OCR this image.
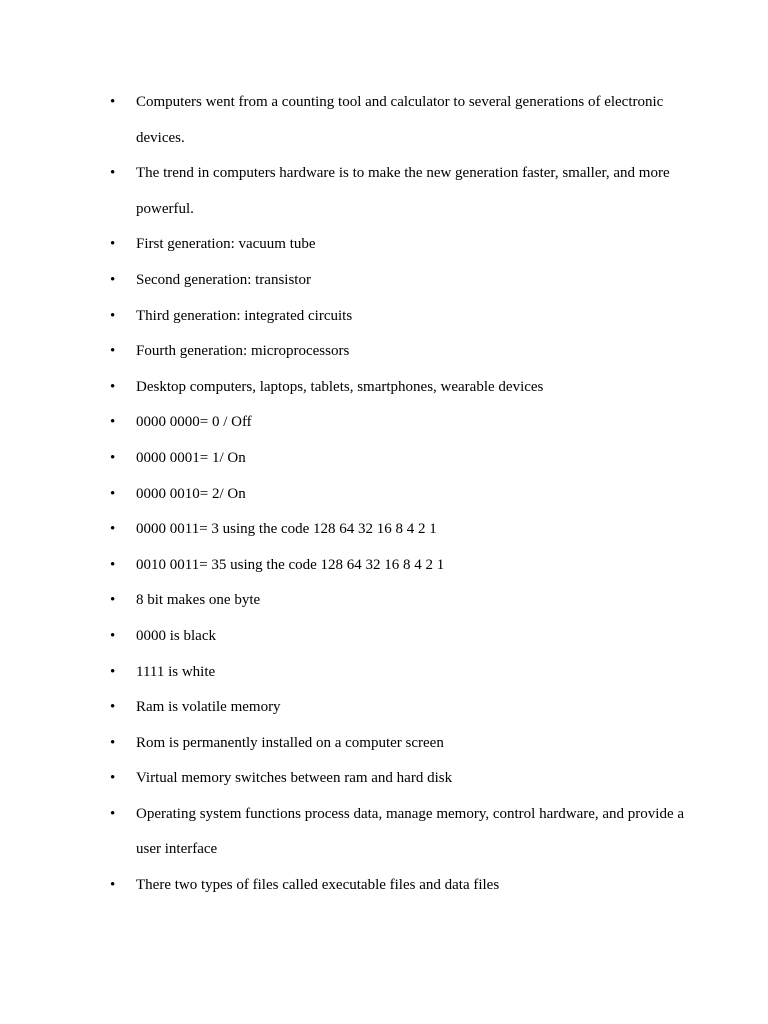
• Computers went from a counting tool and calculator to several generations of electronic devices.
• The trend in computers hardware is to make the new generation faster, smaller, and more powerful.
• First generation: vacuum tube
• Second generation: transistor
• Third generation: integrated circuits
• Fourth generation: microprocessors
• Desktop computers, laptops, tablets, smartphones, wearable devices
• 0000 0000= 0 / Off
• 0000 0001= 1/ On
• 0000 0010= 2/ On
• 0000 0011= 3 using the code 128 64 32 16 8 4 2 1
• 0010 0011= 35 using the code 128 64 32 16 8 4 2 1
• 8 bit makes one byte
• 0000 is black
• 1111 is white
• Ram is volatile memory
• Rom is permanently installed on a computer screen
• Virtual memory switches between ram and hard disk
• Operating system functions process data, manage memory, control hardware, and provide a user interface
• There two types of files called executable files and data files
